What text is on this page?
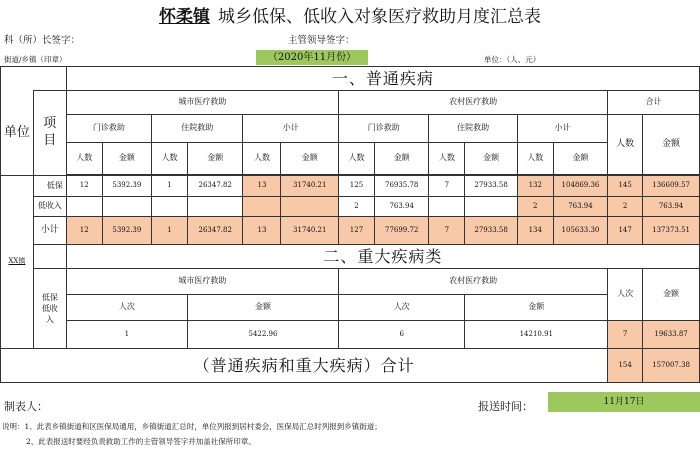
怀柔镇 城乡低保、低收入对象医疗救助月度汇总表
科（所）长签字：	主管领导签字：
街道/乡镇（印章）	（2020年11月份）	单位：（人、元）
		一、普通疾病													
单位	项目	城市医疗救助						农村医疗救助						合计	
		门诊救助		住院救助		小计		门诊救助		住院救助		小计		人数	金额
		人数	金额	人数	金额	人数	金额	人数	金额	人数	金额	人数	金额		

XX镇	低保	12	5392.39	1	26347.82	13	31740.21	125	76935.78	7	27933.58	132	104869.36	145	136609.57
	低收入							2	763.94			2	763.94	2	763.94
	小计	12	5392.39	1	26347.82	13	31740.21	127	77699.72	7	27933.58	134	105633.30	147	137373.51
		二、重大疾病类													
	低保低收入	城市医疗救助						农村医疗救助						人次	金额
		人次			金额			人次			金额				
		1			5422.96			6			14210.91			7	19633.87
（普通疾病和重大疾病）合计														154	157007.38
制表人：	报送时间：	11月17日
说明：1、此表乡镇街道和区医保局通用，乡镇街道汇总时，单位列报到居村委会，医保局汇总时列报到乡镇街道；
2、此表报送时要经负责救助工作的主管领导签字并加盖社保所印章。
